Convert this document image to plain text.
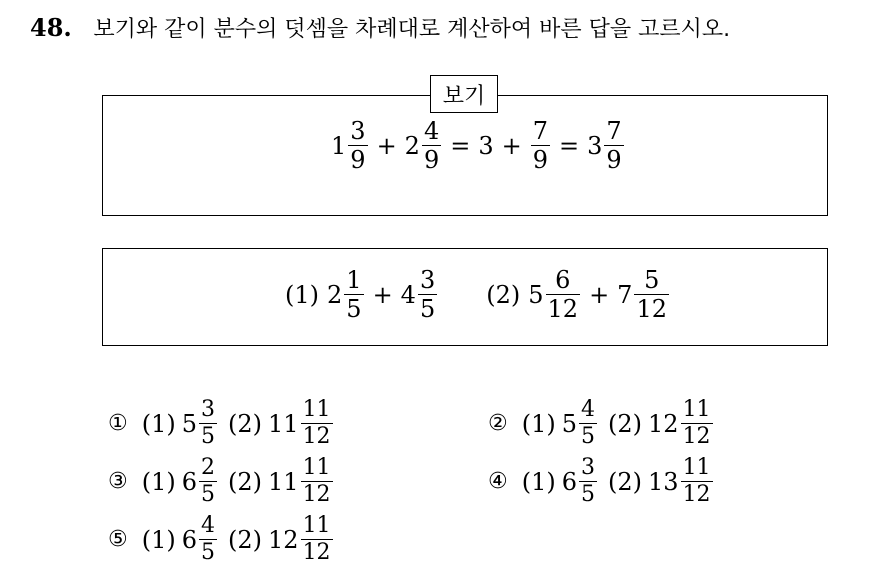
48. 보기와 같이 분수의 덧셈을 차례대로 계산하여 바른 답을 고르시오.
보기
$1 \frac{3}{9} + 2 \frac{4}{9} = 3 + \frac{7}{9} = 3 \frac{7}{9}$
(1) $2 \frac{1}{5} + 4 \frac{3}{5} (2)$ $5 \frac{6}{12} + 7 \frac{5}{12}$
① (1) $5 \frac{3}{5} (2)$ $11 \frac{11}{12}$	② (1) $5 \frac{4}{5} (2)$ $12 \frac{11}{12}$
③ (1) $6 \frac{2}{5} (2)$ $11 \frac{11}{12}$	④ (1) $6 \frac{3}{5} (2)$ $13 \frac{11}{12}$
⑤ (1) $6 \frac{4}{5} (2)$ $12 \frac{11}{12}$
